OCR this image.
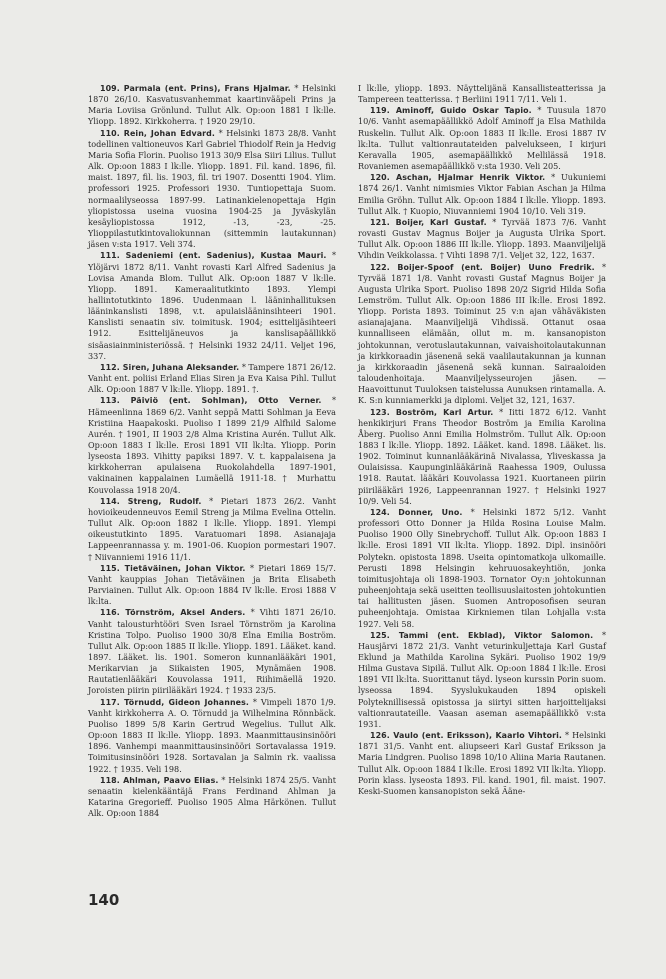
109. Parmala (ent. Prins), Frans Hjalmar. * Helsinki 1870 26/10. Kasvatusvanhemmat kaartinvääpeli Prins ja Maria Loviisa Grönlund. Tullut Alk. Op:oon 1881 I lk:lle. Yliopp. 1892. Kirkkoherra. † 1920 29/10.

110. Rein, Johan Edvard. * Helsinki 1873 28/8. Vanht todellinen valtioneuvos Karl Gabriel Thiodolf Rein ja Hedvig Maria Sofia Florin. Puoliso 1913 30/9 Elsa Siiri Lilius. Tullut Alk. Op:oon 1883 I lk:lle. Yliopp. 1891. Fil. kand. 1896, fil. maist. 1897, fil. lis. 1903, fil. tri 1907. Dosentti 1904. Ylim. professori 1925. Professori 1930. Tuntiopettaja Suom. normaalilyseossa 1897-99. Latinankielenopettaja Hgin yliopistossa useina vuosina 1904-25 ja Jyväskylän kesäyliopistossa 1912, -13, -23, -25. Ylioppilastutkintovaliokunnan (sittemmin lautakunnan) jäsen v:sta 1917. Veli 374.

111. Sadeniemi (ent. Sadenius), Kustaa Mauri. * Ylöjärvi 1872 8/11. Vanht rovasti Karl Alfred Sadenius ja Lovisa Amanda Blom. Tullut Alk. Op:oon 1887 V lk:lle. Yliopp. 1891. Kameraalitutkinto 1893. Ylempi hallintotutkinto 1896. Uudenmaan l. lääninhallituksen lääninkanslisti 1898, v.t. apulaislääninsihteeri 1901. Kanslisti senaatin siv. toimitusk. 1904; esittelijäsihteeri 1912. Esittelijäneuvos ja kanslisapäällikkö sisäasiainministeriössä. † Helsinki 1932 24/11. Veljet 196, 337.

112. Siren, Juhana Aleksander. * Tampere 1871 26/12. Vanht ent. poliisi Erland Elias Siren ja Eva Kaisa Pihl. Tullut Alk. Op:oon 1887 V lk:lle. Yliopp. 1891. †.

113. Päiviö (ent. Sohlman), Otto Verner. * Hämeenlinna 1869 6/2. Vanht seppä Matti Sohlman ja Eeva Kristiina Haapakoski. Puoliso I 1899 21/9 Alfhild Salome Aurén. † 1901, II 1903 2/8 Alma Kristina Aurén. Tullut Alk. Op:oon 1883 I lk:lle. Erosi 1891 VII lk:lta. Yliopp. Porin lyseosta 1893. Vihitty papiksi 1897. V. t. kappalaisena ja kirkkoherran apulaisena Ruokolahdella 1897-1901, vakinainen kappalainen Lumäellä 1911-18. † Murhattu Kouvolassa 1918 20/4.

114. Streng, Rudolf. * Pietari 1873 26/2. Vanht hovioikeudenneuvos Eemil Streng ja Milma Evelina Ottelin. Tullut Alk. Op:oon 1882 I lk:lle. Yliopp. 1891. Ylempi oikeustutkinto 1895. Varatuomari 1898. Asianajaja Lappeenrannassa y. m. 1901-06. Kuopion pormestari 1907. † Niivanniemi 1916 11/1.

115. Tietäväinen, Johan Viktor. * Pietari 1869 15/7. Vanht kauppias Johan Tietäväinen ja Brita Elisabeth Parviainen. Tullut Alk. Op:oon 1884 IV lk:lle. Erosi 1888 V lk:lta.

116. Törnström, Aksel Anders. * Vihti 1871 26/10. Vanht talousturhtööri Sven Israel Törnström ja Karolina Kristina Tolpo. Puoliso 1900 30/8 Elna Emilia Boström. Tullut Alk. Op:oon 1885 II lk:lle. Yliopp. 1891. Lääket. kand. 1897. Lääket. lis. 1901. Someron kunnanlääkäri 1901, Merikarvian ja Siikaisten 1905, Mynämäen 1908. Rautatienlääkäri Kouvolassa 1911, Riihimäellä 1920. Joroisten piirin piirilääkäri 1924. † 1933 23/5.

117. Törnudd, Gideon Johannes. * Vimpeli 1870 1/9. Vanht kirkkoherra A. O. Törnudd ja Wilhelmina Rönnbäck. Puoliso 1899 5/8 Karin Gertrud Wegelius. Tullut Alk. Op:oon 1883 II lk:lle. Yliopp. 1893. Maanmittausinsinööri 1896. Vanhempi maanmittausinsinööri Sortavalassa 1919. Toimitusinsinööri 1928. Sortavalan ja Salmin rk. vaalissa 1922. † 1935. Veli 198.

118. Ahlman, Paavo Elias. * Helsinki 1874 25/5. Vanht senaatin kielenkääntäjä Frans Ferdinand Ahlman ja Katarina Gregorieff. Puoliso 1905 Alma Härkönen. Tullut Alk. Op:oon 1884

I lk:lle, yliopp. 1893. Näyttelijänä Kansallisteatterissa ja Tampereen teatterissa. † Berliini 1911 7/11. Veli 1.

119. Aminoff, Guido Oskar Tapio. * Tuusula 1870 10/6. Vanht asemapäällikkö Adolf Aminoff ja Elsa Mathilda Ruskelin. Tullut Alk. Op:oon 1883 II lk:lle. Erosi 1887 IV lk:lta. Tullut valtionrautateiden palvelukseen, I kirjuri Keravalla 1905, asemapäällikkö Mellilässä 1918. Rovaniemen asemapäällikkö v:sta 1930. Veli 205.

120. Aschan, Hjalmar Henrik Viktor. * Uukuniemi 1874 26/1. Vanht nimismies Viktor Fabian Aschan ja Hilma Emilia Gröhn. Tullut Alk. Op:oon 1884 I lk:lle. Yliopp. 1893. Tullut Alk. † Kuopio, Niuvanniemi 1904 10/10. Veli 319.

121. Boijer, Karl Gustaf. * Tyrvää 1873 7/6. Vanht rovasti Gustav Magnus Boijer ja Augusta Ulrika Sport. Tullut Alk. Op:oon 1886 III lk:lle. Yliopp. 1893. Maanviljelijä Vihdin Veikkolassa. † Vihti 1898 7/1. Veljet 32, 122, 1637.

122. Boijer-Spoof (ent. Boijer) Uuno Fredrik. * Tyrvää 1871 1/8. Vanht rovasti Gustaf Magnus Boijer ja Augusta Ulrika Sport. Puoliso 1898 20/2 Sigrid Hilda Sofia Lemström. Tullut Alk. Op:oon 1886 III lk:lle. Erosi 1892. Yliopp. Poristа 1893. Toiminut 25 v:n ajan vähäväkisten asianajajana. Maanviljelijä Vihdissä. Ottanut osaa kunnalliseen elämään, ollut m. m. kansanopiston johtokunnan, verotuslautakunnan, vaivaishoitolautakunnan ja kirkkoraadin jäsenenä sekä vaalilautakunnan ja kunnan ja kirkkoraadin jäsenenä sekä kunnan. Sairaaloiden taloudenhoitaja. Maanviljelysseurojen jäsen. — Haavoittunut Tuuloksen taistelussa Aunuksen rintamalla. A. K. S:n kunniamerkki ja diplomi. Veljet 32, 121, 1637.

123. Boström, Karl Artur. * Iitti 1872 6/12. Vanht henkikirjuri Frans Theodor Boström ja Emilia Karolina Åberg. Puoliso Anni Emilia Holmström. Tullut Alk. Op:oon 1883 I lk:lle. Yliopp. 1892. Lääket. kand. 1898. Lääket. lis. 1902. Toiminut kunnanlääkärinä Nivalassa, Yliveskassa ja Oulaisissa. Kaupunginlääkärinä Raahessa 1909, Oulussa 1918. Rautat. lääkäri Kouvolassa 1921. Kuortaneen piirin piirilääkäri 1926, Lappeenrannan 1927. † Helsinki 1927 10/9. Veli 54.

124. Donner, Uno. * Helsinki 1872 5/12. Vanht professori Otto Donner ja Hilda Rosina Louise Malm. Puoliso 1900 Olly Sinebrychoff. Tullut Alk. Op:oon 1883 I lk:lle. Erosi 1891 VII lk:lta. Yliopp. 1892. Dipl. insinööri Polytekn. opistosta 1898. Useita opintomatkoja ulkomaille. Perusti 1898 Helsingin kehruuosakeyhtiön, jonka toimitusjohtaja oli 1898-1903. Tornator Oy:n johtokunnan puheenjohtaja sekä useitten teollisuuslaitosten johtokuntien tai hallitusten jäsen. Suomen Antroposofisen seuran puheenjohtaja. Omistaa Kirkniemen tilan Lohjalla v:sta 1927. Veli 58.

125. Tammi (ent. Ekblad), Viktor Salomon. * Hausjärvi 1872 21/3. Vanht veturinkuljettaja Karl Gustaf Eklund ja Mathilda Karolina Sykäri. Puoliso 1902 19/9 Hilma Gustava Sipilä. Tullut Alk. Op:oon 1884 I lk:lle. Erosi 1891 VII lk:lta. Suorittanut täyd. lyseon kurssin Porin suom. lyseossa 1894. Syyslukukauden 1894 opiskeli Polyteknillisessä opistossa ja siirtyi sitten harjoittelijaksi valtionrautateille. Vaasan aseman asemapäällikkö v:sta 1931.

126. Vaulo (ent. Eriksson), Kaarlo Vihtori. * Helsinki 1871 31/5. Vanht ent. aliupseeri Karl Gustaf Eriksson ja Maria Lindgren. Puoliso 1898 10/10 Aliina Maria Rautanen. Tullut Alk. Op:oon 1884 I lk:lle. Erosi 1892 VII lk:lta. Yliopp. Porin klass. lyseosta 1893. Fil. kand. 1901, fil. maist. 1907. Keski-Suomen kansanopiston sekä Ääne-

140
